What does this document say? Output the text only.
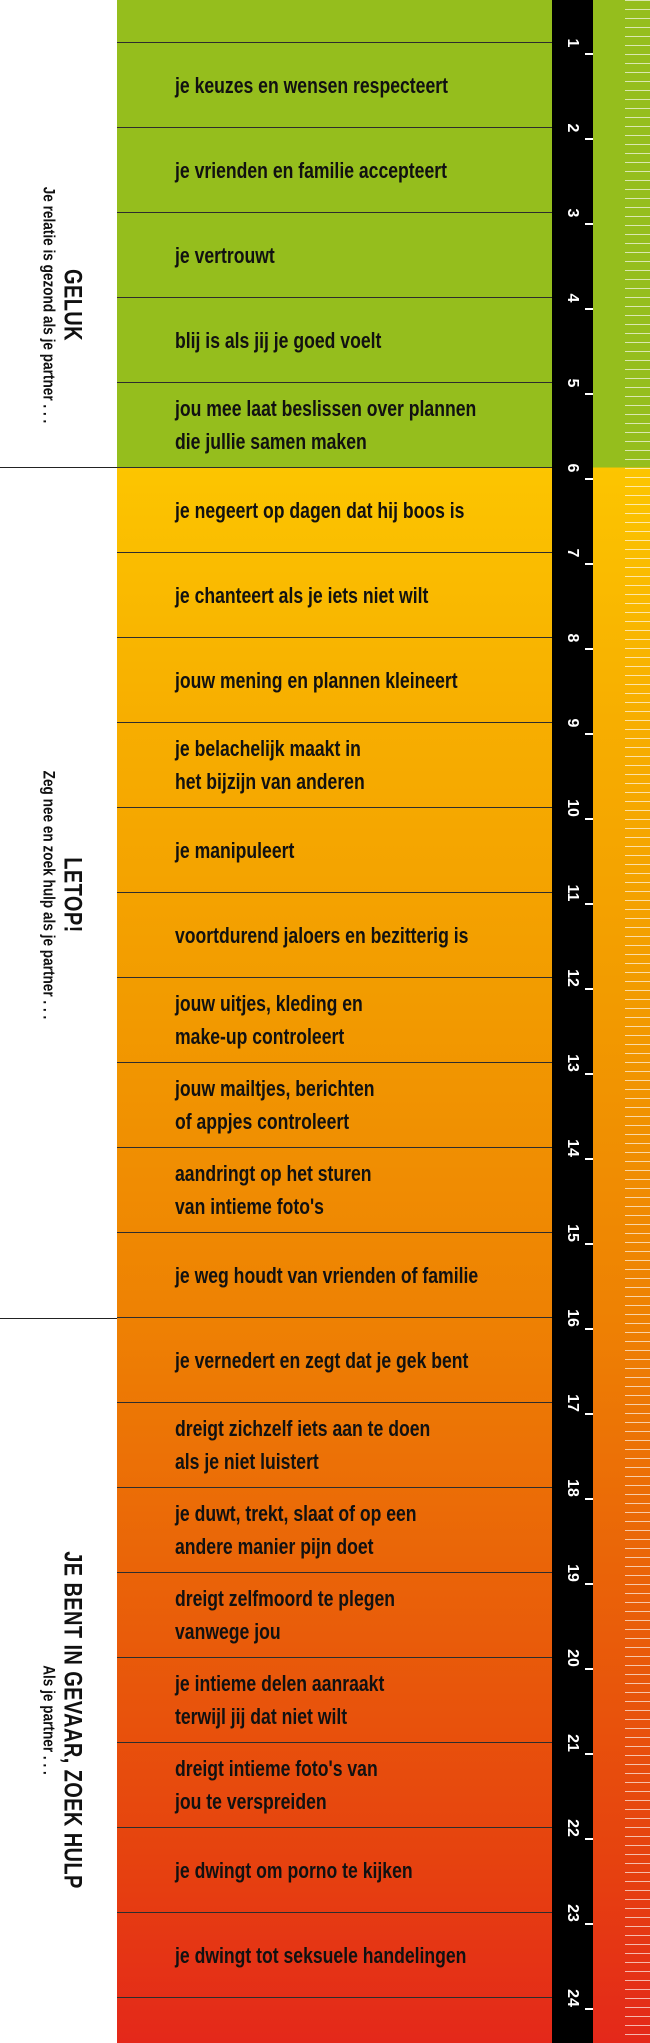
GELUK
Je relatie is gezond als je partner . . .
LETOP!
Zeg nee en zoek hulp als je partner . . .
JE BENT IN GEVAAR, ZOEK HULP
Als je partner . . .
je keuzes en wensen respecteert
je vrienden en familie accepteert
je vertrouwt
blij is als jij je goed voelt
jou mee laat beslissen over plannen
die jullie samen maken
je negeert op dagen dat hij boos is
je chanteert als je iets niet wilt
jouw mening en plannen kleineert
je belachelijk maakt in
het bijzijn van anderen
je manipuleert
voortdurend jaloers en bezitterig is
jouw uitjes, kleding en
make-up controleert
jouw mailtjes, berichten
of appjes controleert
aandringt op het sturen
van intieme foto's
je weg houdt van vrienden of familie
je vernedert en zegt dat je gek bent
dreigt zichzelf iets aan te doen
als je niet luistert
je duwt, trekt, slaat of op een
andere manier pijn doet
dreigt zelfmoord te plegen
vanwege jou
je intieme delen aanraakt
terwijl jij dat niet wilt
dreigt intieme foto's van
jou te verspreiden
je dwingt om porno te kijken
je dwingt tot seksuele handelingen
1
2
3
4
5
6
7
8
9
10
11
12
13
14
15
16
17
18
19
20
21
22
23
24
